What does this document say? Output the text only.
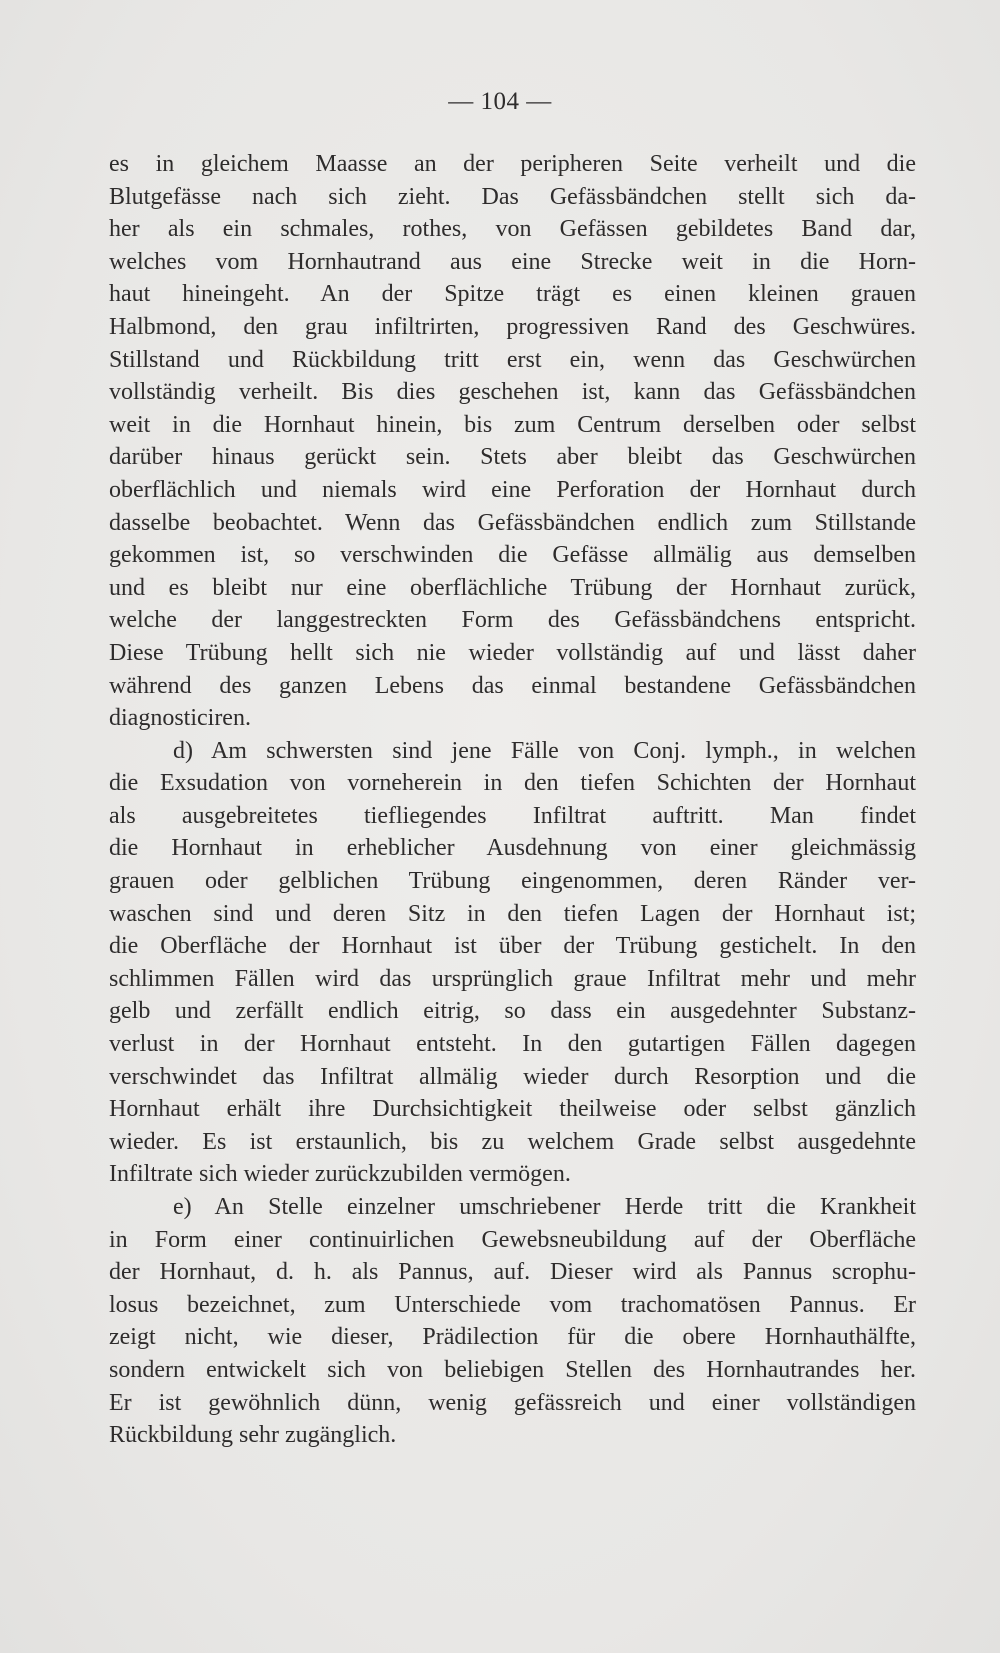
— 104 —
es in gleichem Maasse an der peripheren Seite verheilt und die
Blutgefässe nach sich zieht. Das Gefässbändchen stellt sich da-
her als ein schmales, rothes, von Gefässen gebildetes Band dar,
welches vom Hornhautrand aus eine Strecke weit in die Horn-
haut hineingeht. An der Spitze trägt es einen kleinen grauen
Halbmond, den grau infiltrirten, progressiven Rand des Geschwüres.
Stillstand und Rückbildung tritt erst ein, wenn das Geschwürchen
vollständig verheilt. Bis dies geschehen ist, kann das Gefässbändchen
weit in die Hornhaut hinein, bis zum Centrum derselben oder selbst
darüber hinaus gerückt sein. Stets aber bleibt das Geschwürchen
oberflächlich und niemals wird eine Perforation der Hornhaut durch
dasselbe beobachtet. Wenn das Gefässbändchen endlich zum Stillstande
gekommen ist, so verschwinden die Gefässe allmälig aus demselben
und es bleibt nur eine oberflächliche Trübung der Hornhaut zurück,
welche der langgestreckten Form des Gefässbändchens entspricht.
Diese Trübung hellt sich nie wieder vollständig auf und lässt daher
während des ganzen Lebens das einmal bestandene Gefässbändchen
diagnosticiren.
d) Am schwersten sind jene Fälle von Conj. lymph., in welchen
die Exsudation von vorneherein in den tiefen Schichten der Hornhaut
als ausgebreitetes tiefliegendes Infiltrat auftritt. Man findet
die Hornhaut in erheblicher Ausdehnung von einer gleichmässig
grauen oder gelblichen Trübung eingenommen, deren Ränder ver-
waschen sind und deren Sitz in den tiefen Lagen der Hornhaut ist;
die Oberfläche der Hornhaut ist über der Trübung gestichelt. In den
schlimmen Fällen wird das ursprünglich graue Infiltrat mehr und mehr
gelb und zerfällt endlich eitrig, so dass ein ausgedehnter Substanz-
verlust in der Hornhaut entsteht. In den gutartigen Fällen dagegen
verschwindet das Infiltrat allmälig wieder durch Resorption und die
Hornhaut erhält ihre Durchsichtigkeit theilweise oder selbst gänzlich
wieder. Es ist erstaunlich, bis zu welchem Grade selbst ausgedehnte
Infiltrate sich wieder zurückzubilden vermögen.
e) An Stelle einzelner umschriebener Herde tritt die Krankheit
in Form einer continuirlichen Gewebsneubildung auf der Oberfläche
der Hornhaut, d. h. als Pannus, auf. Dieser wird als Pannus scrophu-
losus bezeichnet, zum Unterschiede vom trachomatösen Pannus. Er
zeigt nicht, wie dieser, Prädilection für die obere Hornhauthälfte,
sondern entwickelt sich von beliebigen Stellen des Hornhautrandes her.
Er ist gewöhnlich dünn, wenig gefässreich und einer vollständigen
Rückbildung sehr zugänglich.
